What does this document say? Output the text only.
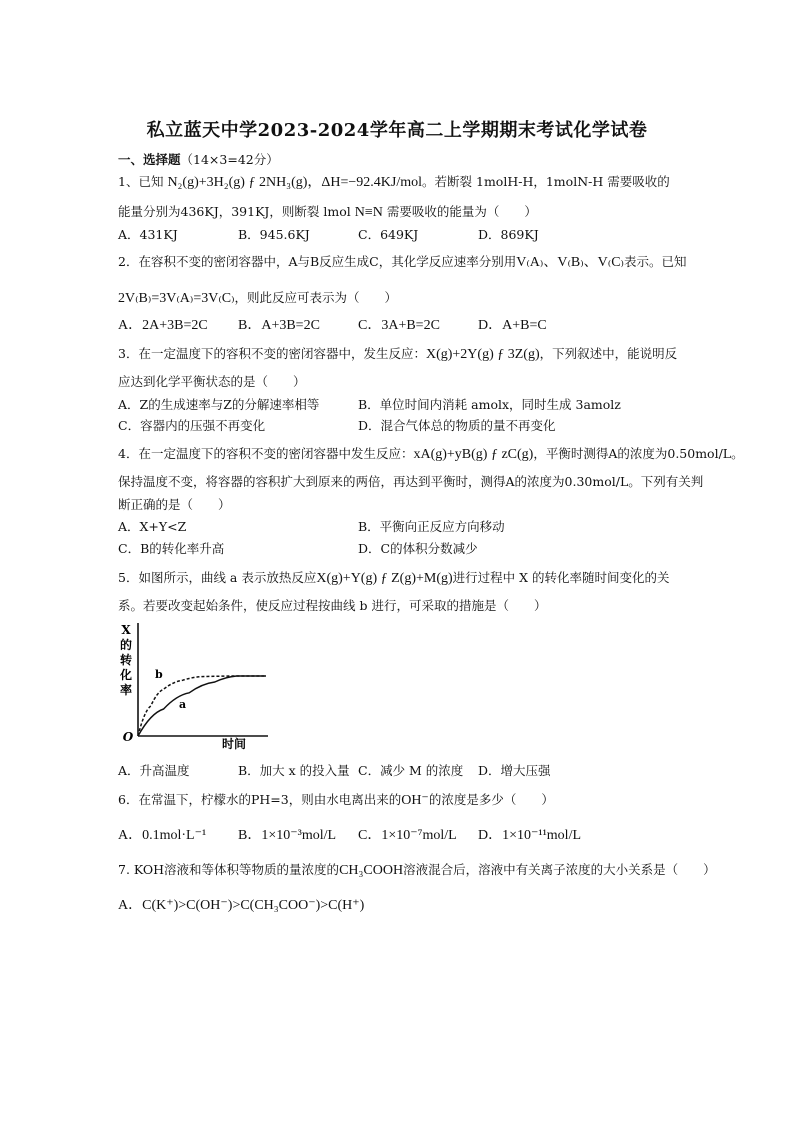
私立蓝天中学2023-2024学年高二上学期期末考试化学试卷
一、选择题（14×3=42分）
1、已知 N₂(g)+3H₂(g) ƒ 2NH₃(g)，ΔH=−92.4KJ/mol。若断裂 1molH-H，1molN-H 需要吸收的
能量分别为436KJ，391KJ，则断裂 lmol N≡N 需要吸收的能量为（　　）
A．431KJ	B．945.6KJ	C．649KJ	D．869KJ
2．在容积不变的密闭容器中，A与B反应生成C，其化学反应速率分别用V₍A₎、V₍B₎、V₍C₎表示。已知
2V₍B₎=3V₍A₎=3V₍C₎，则此反应可表示为（　　）
A．2A+3B=2C B．A+3B=2C	C．3A+B=2C	D．A+B=C
3．在一定温度下的容积不变的密闭容器中，发生反应：X(g)+2Y(g) ƒ 3Z(g)，下列叙述中，能说明反
应达到化学平衡状态的是（　　）
A．Z的生成速率与Z的分解速率相等	B．单位时间内消耗 amolx，同时生成 3amolz
C．容器内的压强不再变化	D．混合气体总的物质的量不再变化
4．在一定温度下的容积不变的密闭容器中发生反应：xA(g)+yB(g) ƒ zC(g)，平衡时测得A的浓度为0.50mol/L。
保持温度不变，将容器的容积扩大到原来的两倍，再达到平衡时，测得A的浓度为0.30mol/L。下列有关判
断正确的是（　　）
A．X+Y<Z	B．平衡向正反应方向移动
C．B的转化率升高	D．C的体积分数减少
5．如图所示，曲线 a 表示放热反应X(g)+Y(g) ƒ Z(g)+M(g)进行过程中 X 的转化率随时间变化的关
系。若要改变起始条件，使反应过程按曲线 b 进行，可采取的措施是（　　）
X
的
转
化
率
时间
O
a
b
A．升高温度	B．加大 x 的投入量 C．减少 M 的浓度 D．增大压强
6．在常温下，柠檬水的PH=3，则由水电离出来的OH⁻的浓度是多少（　　）
A．0.1mol·L⁻¹ B．1×10⁻³mol/L C．1×10⁻⁷mol/L D．1×10⁻¹¹mol/L
7. KOH溶液和等体积等物质的量浓度的CH₃COOH溶液混合后，溶液中有关离子浓度的大小关系是（　　）
A．C(K⁺)>C(OH⁻)>C(CH₃COO⁻)>C(H⁺)
